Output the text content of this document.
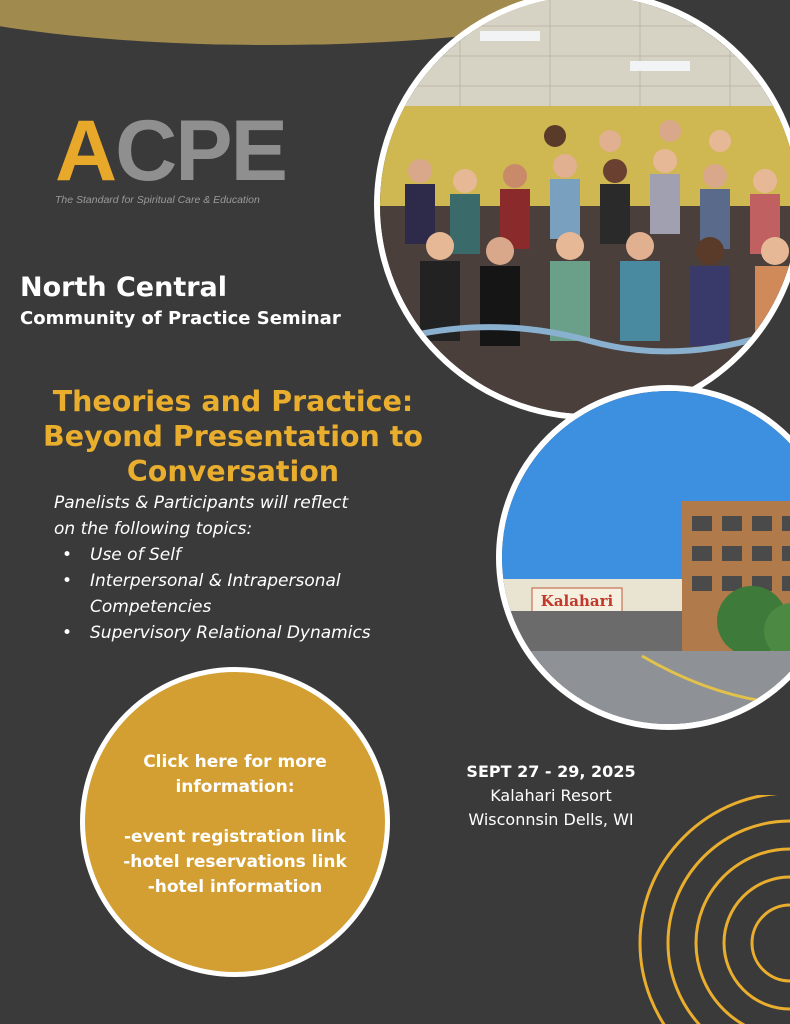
A CPE
The Standard for Spiritual Care & Education
North Central
Community of Practice Seminar
Theories and Practice:
Beyond Presentation to
Conversation
Panelists & Participants will reflect
on the following topics:
• Use of Self
• Interpersonal & Intrapersonal Competencies
• Supervisory Relational Dynamics
Kalahari
Click here for more
information:
-event registration link
-hotel reservations link
-hotel information
SEPT 27 - 29, 2025
Kalahari Resort
Wisconnsin Dells, WI
